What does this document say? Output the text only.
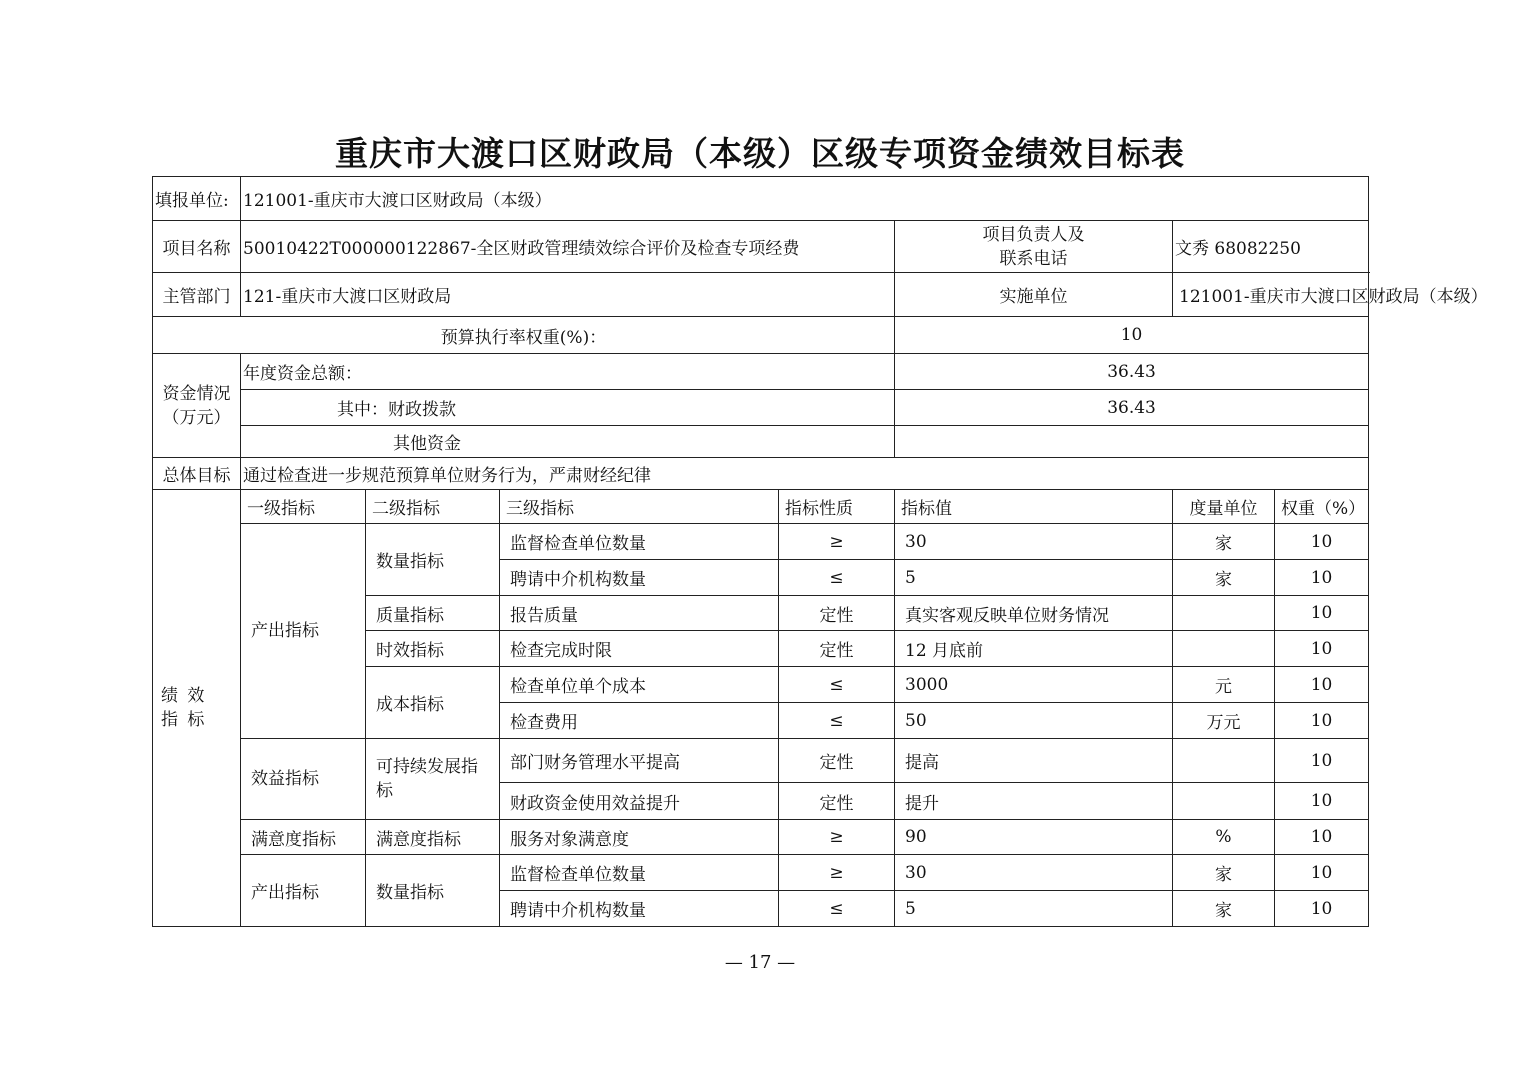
重庆市大渡口区财政局（本级）区级专项资金绩效目标表
填报单位:	121001-重庆市大渡口区财政局（本级）						
项目名称	50010422T000000122867-全区财政管理绩效综合评价及检查专项经费				项目负责人及
联系电话	文秀 68082250	
主管部门	121-重庆市大渡口区财政局				实施单位	121001-重庆市大渡口区财政局（本级）	
预算执行率权重(%)：					10		

资金情况
（万元）	年度资金总额：				36.43		
	其中：财政拨款				36.43		
	其他资金						
总体目标	通过检查进一步规范预算单位财务行为，严肃财经纪律						
绩 效 指 标	一级指标	二级指标	三级指标	指标性质	指标值	度量单位	权重（%）
	产出指标	数量指标	监督检查单位数量	≥	30	家	10
			聘请中介机构数量	≤	5	家	10
		质量指标	报告质量	定性	真实客观反映单位财务情况		10
		时效指标	检查完成时限	定性	12 月底前		10
		成本指标	检查单位单个成本	≤	3000	元	10
			检查费用	≤	50	万元	10
	效益指标	可持续发展指标	部门财务管理水平提高	定性	提高		10
			财政资金使用效益提升	定性	提升		10
	满意度指标	满意度指标	服务对象满意度	≥	90	%	10
	产出指标	数量指标	监督检查单位数量	≥	30	家	10
			聘请中介机构数量	≤	5	家	10
— 17 —
